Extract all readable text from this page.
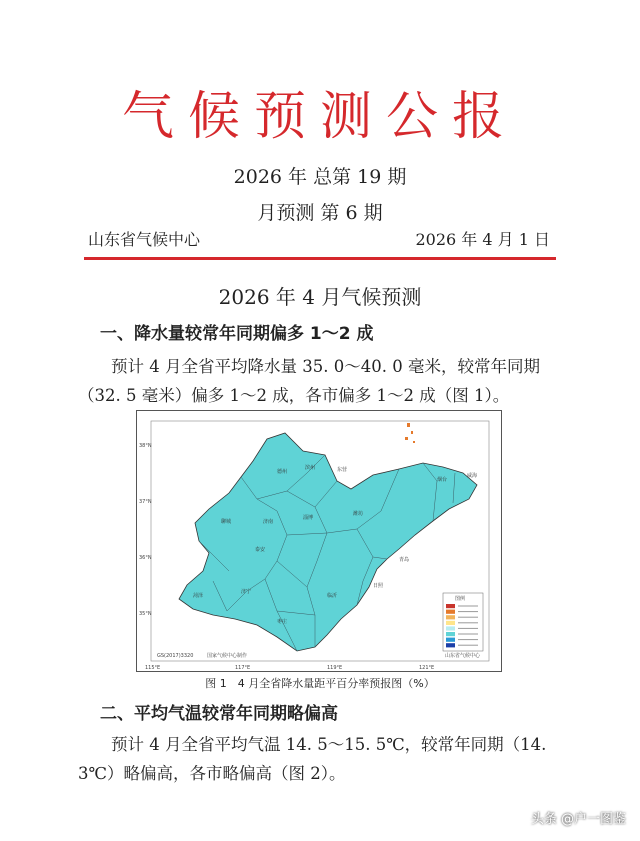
气候预测公报
2026 年 总第 19 期
月预测 第 6 期
山东省气候中心	2026 年 4 月 1 日
2026 年 4 月气候预测
一、降水量较常年同期偏多 1～2 成
预计 4 月全省平均降水量 35. 0～40. 0 毫米，较常年同期（32. 5 毫米）偏多 1～2 成，各市偏多 1～2 成（图 1）。
德州
滨州	东营
烟台
威海
聊城	济南
淄博
潍坊
青岛
泰安
济宁
菏泽	临沂
日照
枣庄
38°N
37°N
36°N
35°N
115°E	117°E	119°E	121°E
图例
GS(2017)3320	国家气候中心制作	山东省气候中心
图 1　4 月全省降水量距平百分率预报图（%）
二、平均气温较常年同期略偏高
预计 4 月全省平均气温 14. 5～15. 5℃，较常年同期（14. 3℃）略偏高，各市略偏高（图 2）。
头条 @户一图鉴
